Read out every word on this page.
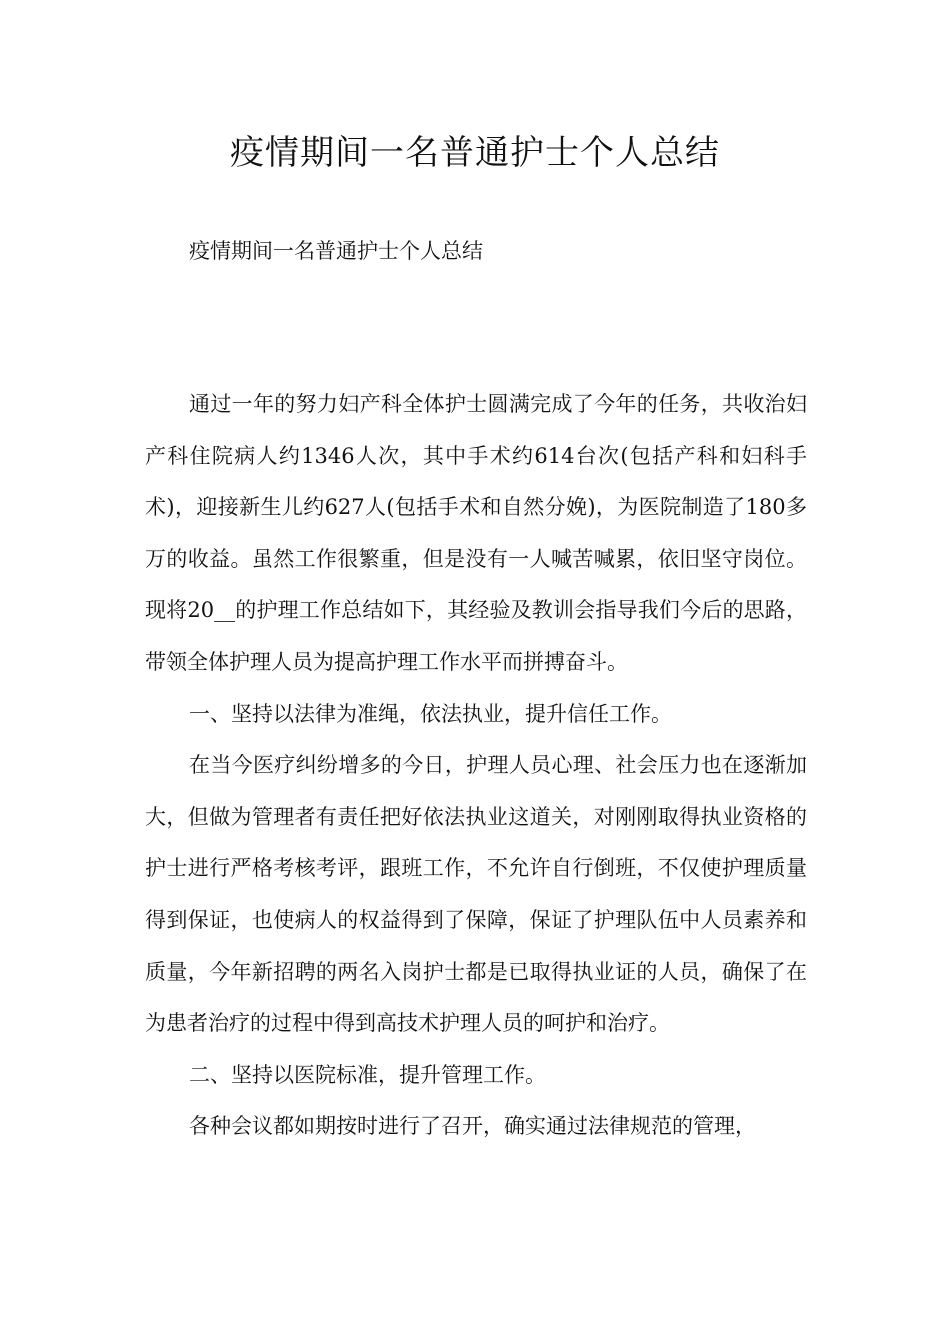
疫情期间一名普通护士个人总结

疫情期间一名普通护士个人总结

通过一年的努力妇产科全体护士圆满完成了今年的任务，共收治妇产科住院病人约1346人次，其中手术约614台次(包括产科和妇科手术)，迎接新生儿约627人(包括手术和自然分娩)，为医院制造了180多万的收益。虽然工作很繁重，但是没有一人喊苦喊累，依旧坚守岗位。现将20__的护理工作总结如下，其经验及教训会指导我们今后的思路，带领全体护理人员为提高护理工作水平而拼搏奋斗。

一、坚持以法律为准绳，依法执业，提升信任工作。

在当今医疗纠纷增多的今日，护理人员心理、社会压力也在逐渐加大，但做为管理者有责任把好依法执业这道关，对刚刚取得执业资格的护士进行严格考核考评，跟班工作，不允许自行倒班，不仅使护理质量得到保证，也使病人的权益得到了保障，保证了护理队伍中人员素养和质量，今年新招聘的两名入岗护士都是已取得执业证的人员，确保了在为患者治疗的过程中得到高技术护理人员的呵护和治疗。

二、坚持以医院标准，提升管理工作。

各种会议都如期按时进行了召开，确实通过法律规范的管理，
